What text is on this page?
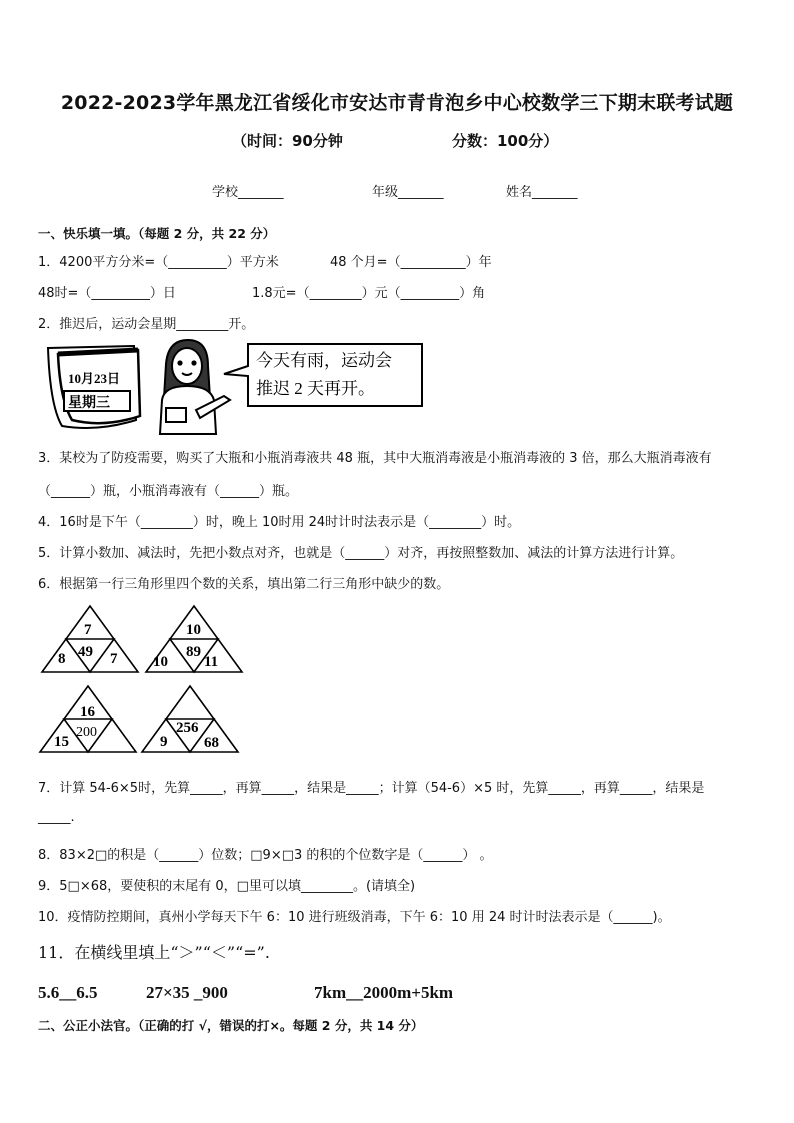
2022-2023学年黑龙江省绥化市安达市青肯泡乡中心校数学三下期末联考试题
（时间：90分钟	分数：100分）
学校_______	年级_______	姓名_______
一、快乐填一填。（每题 2 分，共 22 分）
1．4200平方分米=（_________）平方米	48 个月=（__________）年
48时=（_________）日	1.8元=（________）元（_________）角
2．推迟后，运动会星期________开。
10月23日
星期三
今天有雨，运动会
推迟 2 天再开。
3．某校为了防疫需要，购买了大瓶和小瓶消毒液共 48 瓶，其中大瓶消毒液是小瓶消毒液的 3 倍，那么大瓶消毒液有
（______）瓶，小瓶消毒液有（______）瓶。
4．16时是下午（________）时，晚上 10时用 24时计时法表示是（________）时。
5．计算小数加、减法时，先把小数点对齐，也就是（______）对齐，再按照整数加、减法的计算方法进行计算。
6．根据第一行三角形里四个数的关系，填出第二行三角形中缺少的数。
7
49
8	7
10
89
10 11
16
200
15
256
9 68
7．计算 54-6×5时，先算_____，再算_____，结果是_____；计算（54-6）×5 时，先算_____，再算_____，结果是
_____.
8．83×2□的积是（______）位数；□9×□3 的积的个位数字是（______） 。
9．5□×68，要使积的末尾有 0，□里可以填________。(请填全)
10．疫情防控期间，真州小学每天下午 6：10 进行班级消毒，下午 6：10 用 24 时计时法表示是（______)。
11．在横线里填上“＞”“＜”“=”.
5.6__6.5	27×35 _900	7km__2000m+5km
二、公正小法官。（正确的打 √，错误的打×。每题 2 分，共 14 分）
